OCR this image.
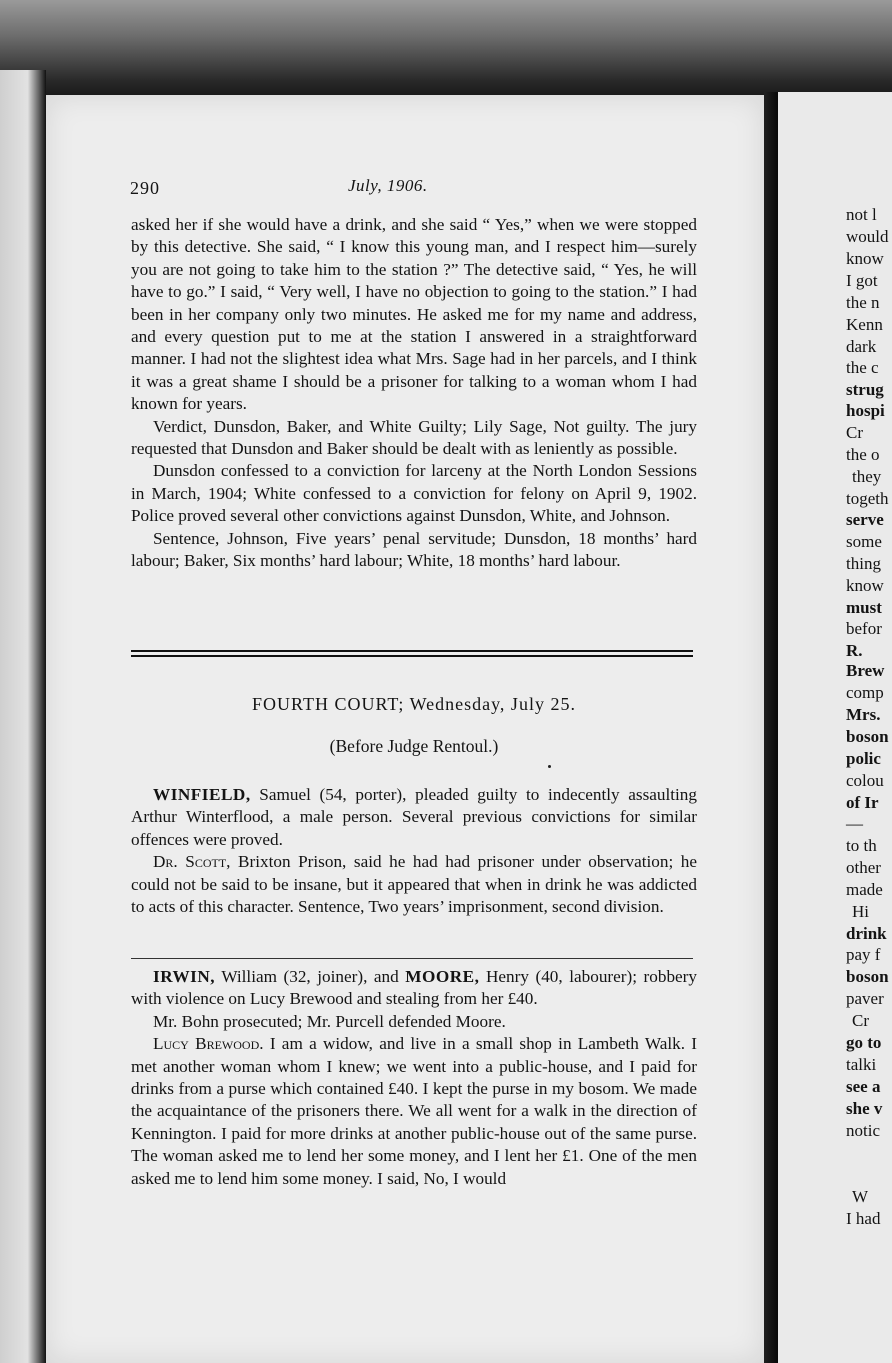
not l
would
know
I got
the n
Kenn
dark
the c
strug
hospi
Cr
the o
they
togeth
serve
some
thing
know
must
befor
R.
Brew
comp
Mrs.
boson
polic
colou
of Ir
—
to th
other
made
Hi
drink
pay f
boson
paver
Cr
go to
talki
see a
she v
notic
W
I had
290	July, 1906.

asked her if she would have a drink, and she said “ Yes,” when we were stopped by this detective. She said, “ I know this young man, and I respect him—surely you are not going to take him to the station ?” The detective said, “ Yes, he will have to go.” I said, “ Very well, I have no objection to going to the station.” I had been in her company only two minutes. He asked me for my name and address, and every question put to me at the station I answered in a straightforward manner. I had not the slightest idea what Mrs. Sage had in her parcels, and I think it was a great shame I should be a prisoner for talking to a woman whom I had known for years.

Verdict, Dunsdon, Baker, and White Guilty; Lily Sage, Not guilty. The jury requested that Dunsdon and Baker should be dealt with as leniently as possible.

Dunsdon confessed to a conviction for larceny at the North London Sessions in March, 1904; White confessed to a conviction for felony on April 9, 1902. Police proved several other convictions against Dunsdon, White, and Johnson.

Sentence, Johnson, Five years’ penal servitude; Dunsdon, 18 months’ hard labour; Baker, Six months’ hard labour; White, 18 months’ hard labour.

FOURTH COURT; Wednesday, July 25.
(Before Judge Rentoul.)

WINFIELD, Samuel (54, porter), pleaded guilty to indecently assaulting Arthur Winterflood, a male person. Several previous convictions for similar offences were proved.

Dr. Scott, Brixton Prison, said he had had prisoner under observation; he could not be said to be insane, but it appeared that when in drink he was addicted to acts of this character. Sentence, Two years’ imprisonment, second division.

IRWIN, William (32, joiner), and MOORE, Henry (40, labourer); robbery with violence on Lucy Brewood and stealing from her £40.

Mr. Bohn prosecuted; Mr. Purcell defended Moore.

Lucy Brewood. I am a widow, and live in a small shop in Lambeth Walk. I met another woman whom I knew; we went into a public-house, and I paid for drinks from a purse which contained £40. I kept the purse in my bosom. We made the acquaintance of the prisoners there. We all went for a walk in the direction of Kennington. I paid for more drinks at another public-house out of the same purse. The woman asked me to lend her some money, and I lent her £1. One of the men asked me to lend him some money. I said, No, I would
